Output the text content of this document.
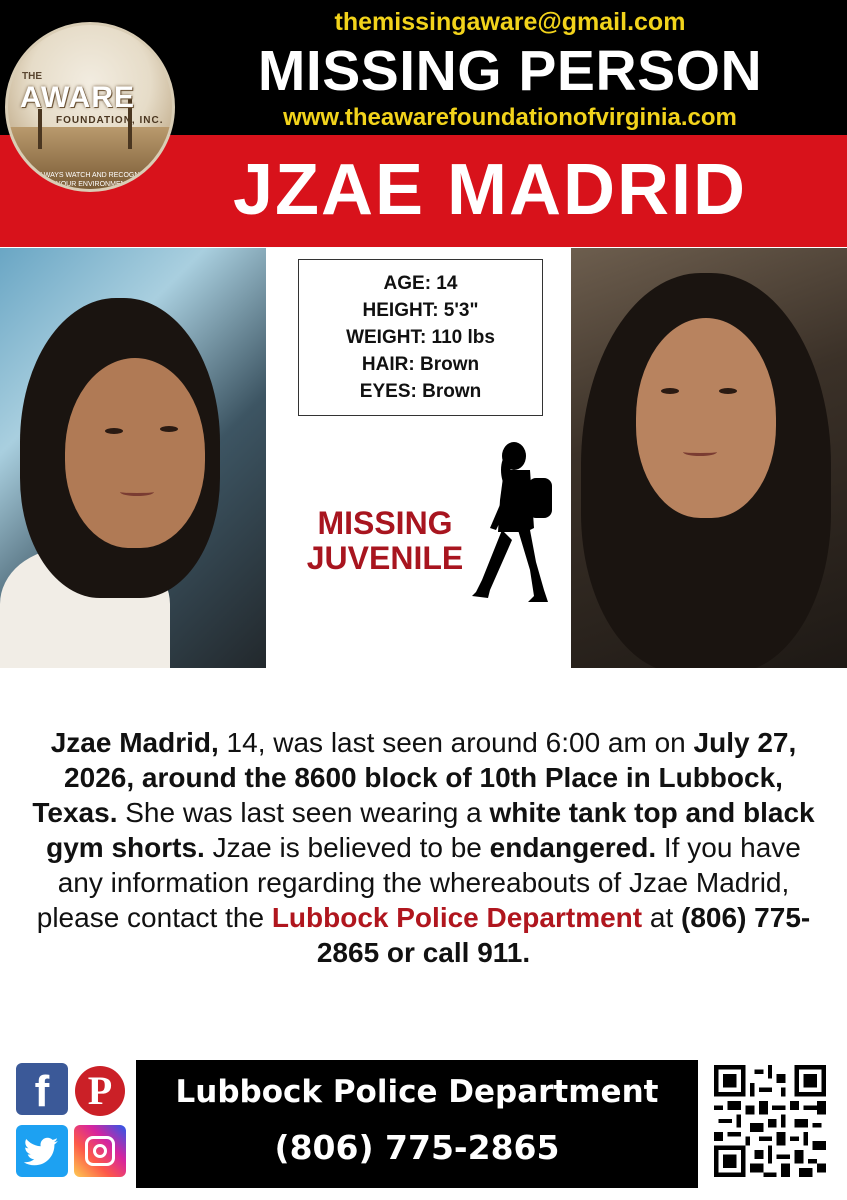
themissingaware@gmail.com
MISSING PERSON
www.theawarefoundationofvirginia.com
JZAE MADRID
THE
AWARE
FOUNDATION, INC.
ALWAYS WATCH AND RECOGNIZE YOUR ENVIRONMENT
AGE: 14
HEIGHT: 5'3"
WEIGHT: 110 lbs
HAIR: Brown
EYES: Brown
MISSING
JUVENILE
Jzae Madrid, 14, was last seen around 6:00 am on July 27, 2026, around the 8600 block of 10th Place in Lubbock, Texas. She was last seen wearing a white tank top and black gym shorts. Jzae is believed to be endangered. If you have any information regarding the whereabouts of Jzae Madrid, please contact the Lubbock Police Department at (806) 775-2865 or call 911.
f P	Lubbock Police Department
(806) 775-2865
